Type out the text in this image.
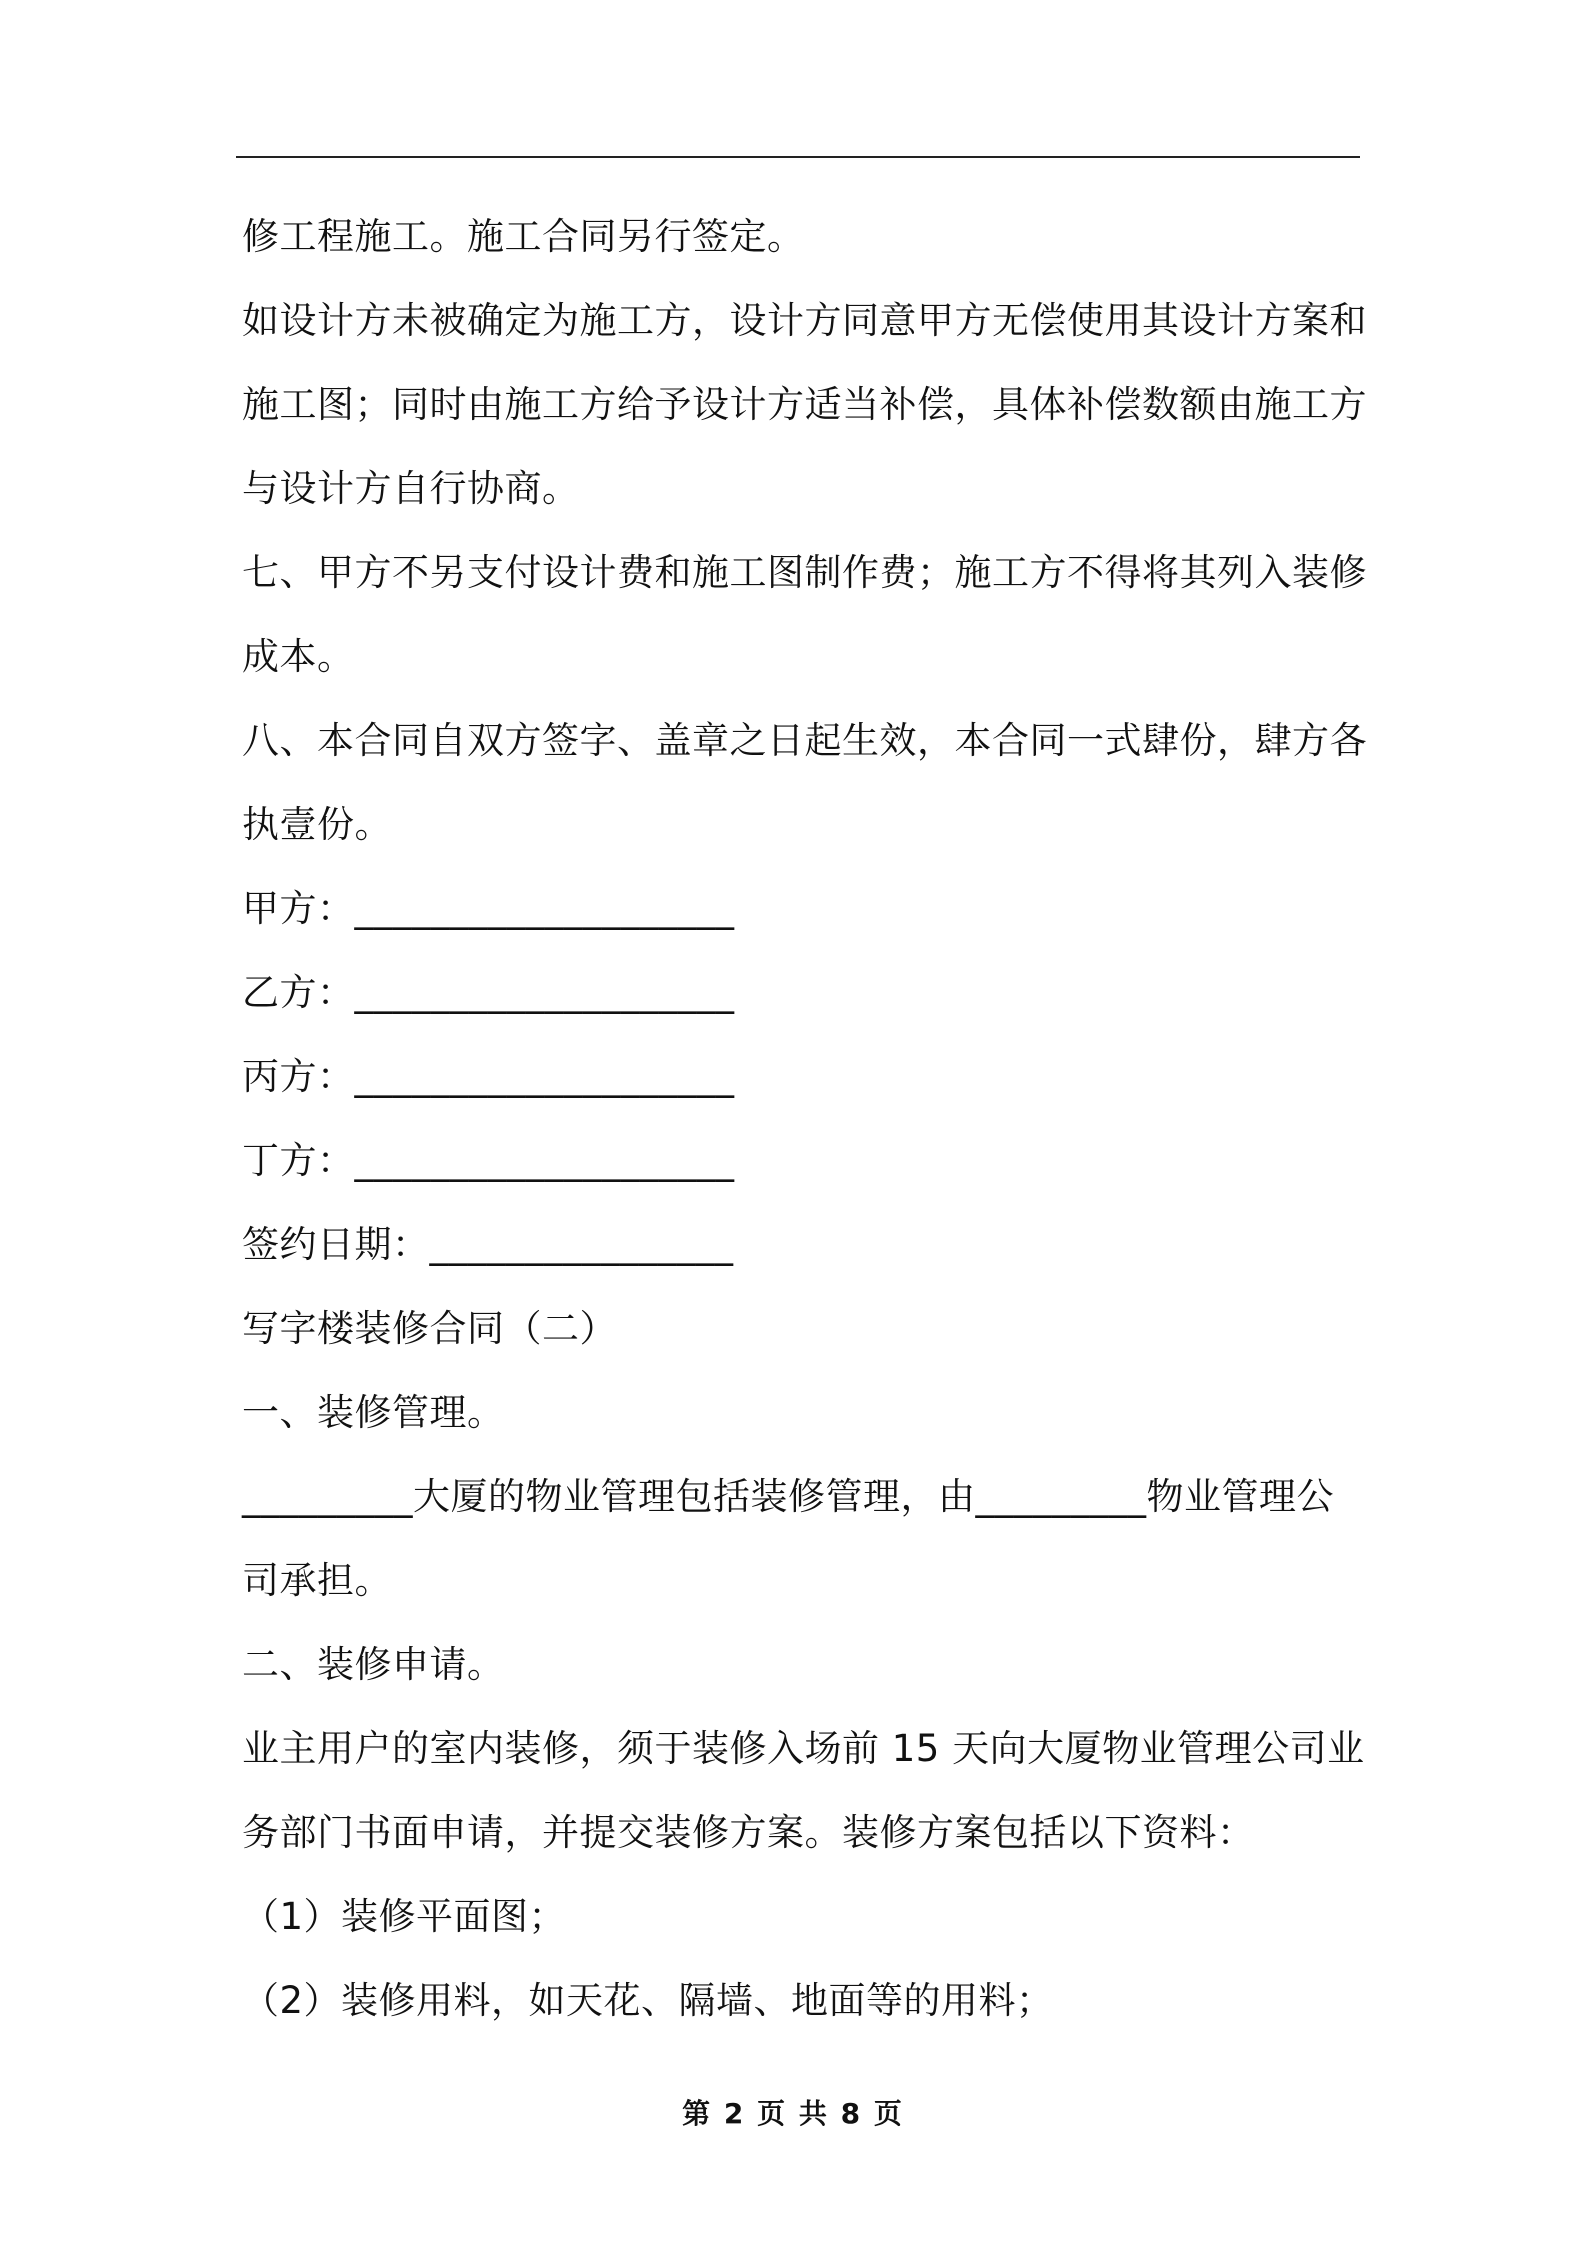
修工程施工。施工合同另行签定。
如设计方未被确定为施工方，设计方同意甲方无偿使用其设计方案和
施工图；同时由施工方给予设计方适当补偿，具体补偿数额由施工方
与设计方自行协商。
七、甲方不另支付设计费和施工图制作费；施工方不得将其列入装修
成本。
八、本合同自双方签字、盖章之日起生效，本合同一式肆份，肆方各
执壹份。
甲方：____________________
乙方：____________________
丙方：____________________
丁方：____________________
签约日期：________________
写字楼装修合同（二）
一、装修管理。
_________大厦的物业管理包括装修管理，由_________物业管理公
司承担。
二、装修申请。
业主用户的室内装修，须于装修入场前 15 天向大厦物业管理公司业
务部门书面申请，并提交装修方案。装修方案包括以下资料：
（1）装修平面图；
（2）装修用料，如天花、隔墙、地面等的用料；
第 2 页 共 8 页
